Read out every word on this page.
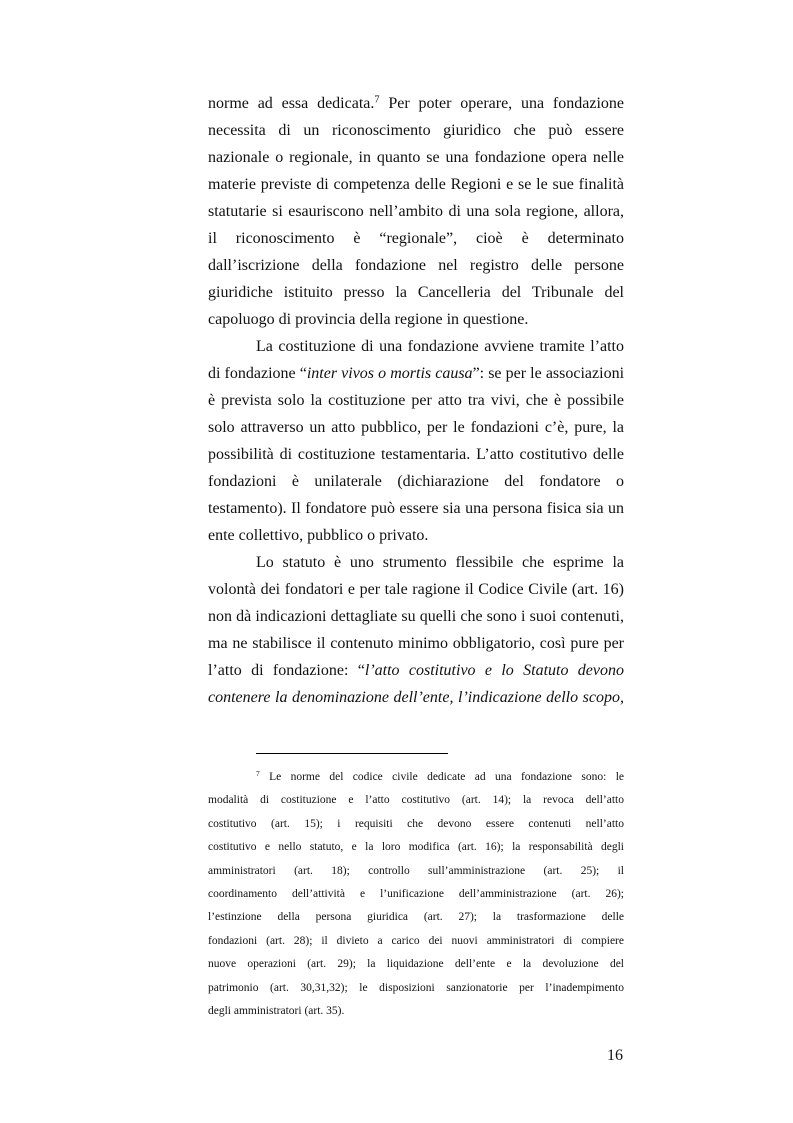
norme ad essa dedicata.$^7$ Per poter operare, una fondazione
necessita di un riconoscimento giuridico che può essere
nazionale o regionale, in quanto se una fondazione opera nelle
materie previste di competenza delle Regioni e se le sue finalità
statutarie si esauriscono nell’ambito di una sola regione, allora,
il riconoscimento è “regionale”, cioè è determinato
dall’iscrizione della fondazione nel registro delle persone
giuridiche istituito presso la Cancelleria del Tribunale del
capoluogo di provincia della regione in questione.
La costituzione di una fondazione avviene tramite l’atto
di fondazione “inter vivos o mortis causa”: se per le associazioni
è prevista solo la costituzione per atto tra vivi, che è possibile
solo attraverso un atto pubblico, per le fondazioni c’è, pure, la
possibilità di costituzione testamentaria. L’atto costitutivo delle
fondazioni è unilaterale (dichiarazione del fondatore o
testamento). Il fondatore può essere sia una persona fisica sia un
ente collettivo, pubblico o privato.
Lo statuto è uno strumento flessibile che esprime la
volontà dei fondatori e per tale ragione il Codice Civile (art. 16)
non dà indicazioni dettagliate su quelli che sono i suoi contenuti,
ma ne stabilisce il contenuto minimo obbligatorio, così pure per
l’atto di fondazione: “l’atto costitutivo e lo Statuto devono
contenere la denominazione dell’ente, l’indicazione dello scopo,
$^7$ Le norme del codice civile dedicate ad una fondazione sono: le
modalità di costituzione e l’atto costitutivo (art. 14); la revoca dell’atto
costitutivo (art. 15); i requisiti che devono essere contenuti nell’atto
costitutivo e nello statuto, e la loro modifica (art. 16); la responsabilità degli
amministratori (art. 18); controllo sull’amministrazione (art. 25); il
coordinamento dell’attività e l’unificazione dell’amministrazione (art. 26);
l’estinzione della persona giuridica (art. 27); la trasformazione delle
fondazioni (art. 28); il divieto a carico dei nuovi amministratori di compiere
nuove operazioni (art. 29); la liquidazione dell’ente e la devoluzione del
patrimonio (art. 30,31,32); le disposizioni sanzionatorie per l’inadempimento
degli amministratori (art. 35).
16
